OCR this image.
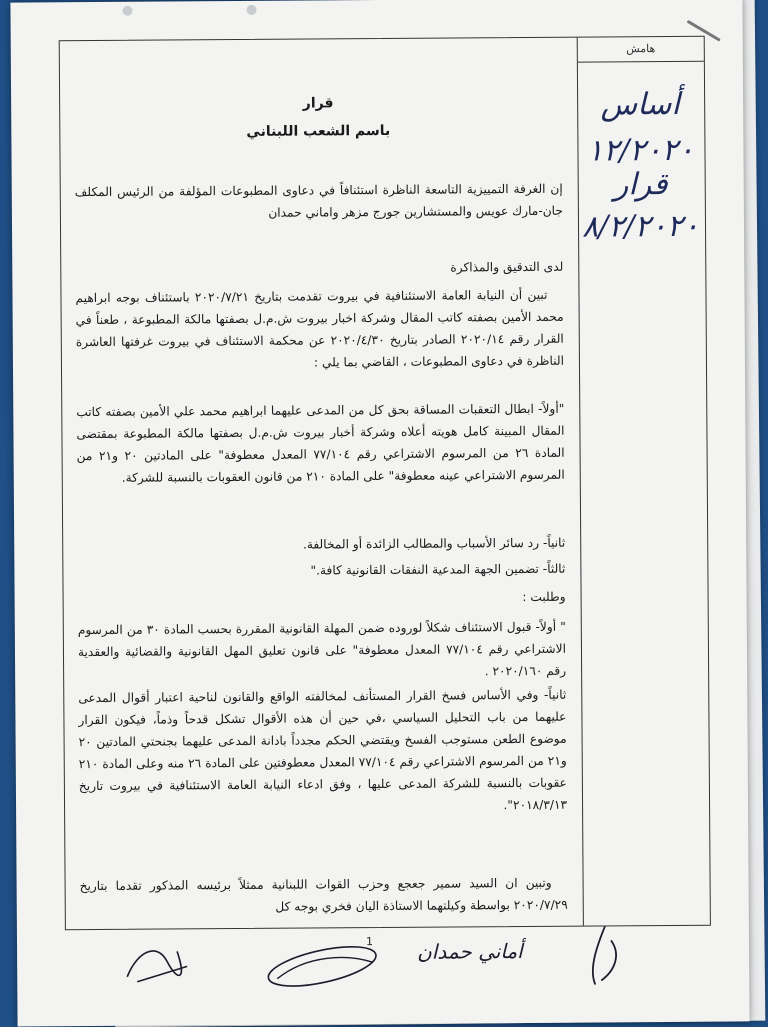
هامش
أساس
١٢/٢٠٢٠
قرار
٨/٢/٢٠٢٠
قرار
باسم الشعب اللبناني
إن الغرفة التمييزية التاسعة الناظرة استئنافاً في دعاوى المطبوعات المؤلفة من الرئيس المكلف جان-مارك عويس والمستشارين جورج مزهر واماني حمدان
لدى التدقيق والمذاكرة
تبين أن النيابة العامة الاستئنافية في بيروت تقدمت بتاريخ ٢٠٢٠/٧/٢١ باستئناف بوجه ابراهيم محمد الأمين بصفته كاتب المقال وشركة اخبار بيروت ش.م.ل بصفتها مالكة المطبوعة ، طعناً في القرار رقم ٢٠٢٠/١٤ الصادر بتاريخ ٢٠٢٠/٤/٣٠ عن محكمة الاستئناف في بيروت غرفتها العاشرة الناظرة في دعاوى المطبوعات ، القاضي بما يلي :
"أولاً- ابطال التعقبات المساقة بحق كل من المدعى عليهما ابراهيم محمد علي الأمين بصفته كاتب المقال المبينة كامل هويته أعلاه وشركة أخبار بيروت ش.م.ل بصفتها مالكة المطبوعة بمقتضى المادة ٢٦ من المرسوم الاشتراعي رقم ٧٧/١٠٤ المعدل معطوفة" على المادتين ٢٠ و٢١ من المرسوم الاشتراعي عينه معطوفة" على المادة ٢١٠ من قانون العقوبات بالنسبة للشركة.
ثانياً- رد سائر الأسباب والمطالب الزائدة أو المخالفة.
ثالثاً- تضمين الجهة المدعية النفقات القانونية كافة."
وطلبت :
" أولاً- قبول الاستئناف شكلاً لوروده ضمن المهلة القانونية المقررة بحسب المادة ٣٠ من المرسوم الاشتراعي رقم ٧٧/١٠٤ المعدل معطوفة" على قانون تعليق المهل القانونية والقضائية والعقدية رقم ٢٠٢٠/١٦٠ .
ثانياً- وفي الأساس فسخ القرار المستأنف لمخالفته الواقع والقانون لناحية اعتبار أقوال المدعى عليهما من باب التحليل السياسي ،في حين أن هذه الأقوال تشكل قدحاً وذماً، فيكون القرار موضوع الطعن مستوجب الفسخ ويقتضي الحكم مجدداً بادانة المدعى عليهما بجنحتي المادتين ٢٠ و٢١ من المرسوم الاشتراعي رقم ٧٧/١٠٤ المعدل معطوفتين على المادة ٢٦ منه وعلى المادة ٢١٠ عقوبات بالنسبة للشركة المدعى عليها ، وفق ادعاء النيابة العامة الاستئنافية في بيروت تاريخ ٢٠١٨/٣/١٣".
وتبين ان السيد سمير جعجع وحزب القوات اللبنانية ممثلاً برئيسه المذكور تقدما بتاريخ ٢٠٢٠/٧/٢٩ بواسطة وكيلتهما الاستاذة اليان فخري بوجه كل
1 أماني حمدان
